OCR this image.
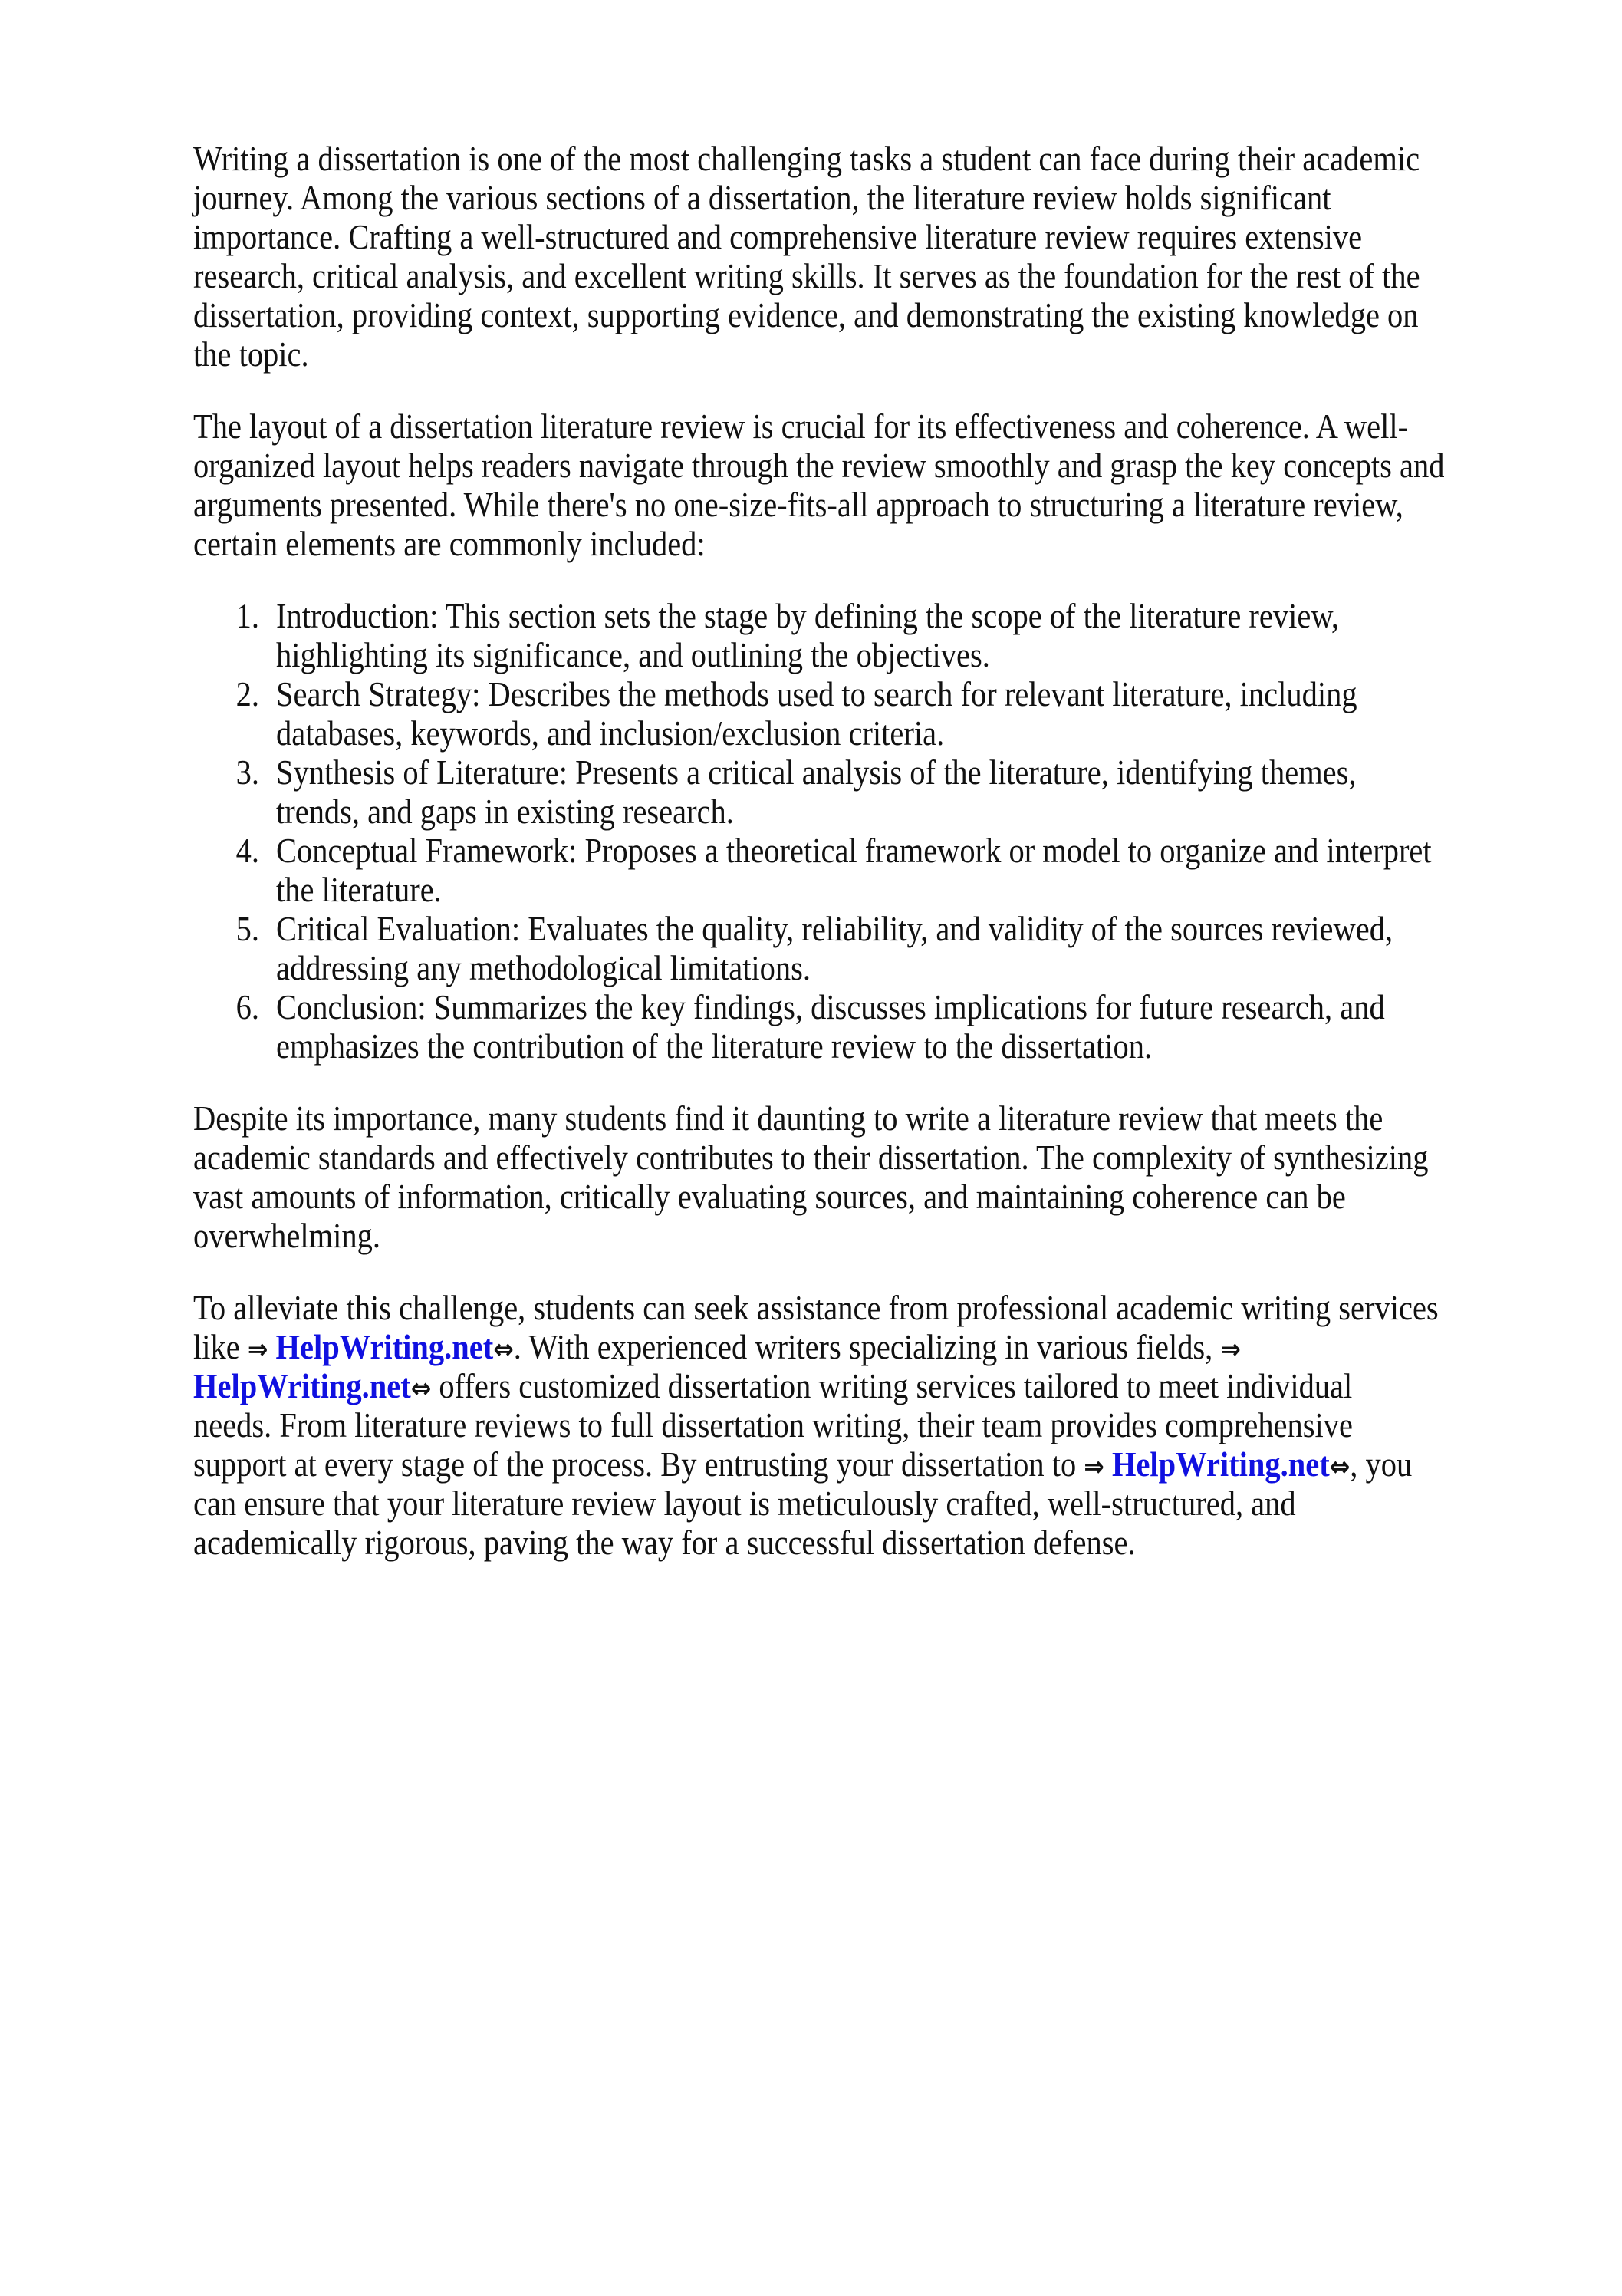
Writing a dissertation is one of the most challenging tasks a student can face during their academic
journey. Among the various sections of a dissertation, the literature review holds significant
importance. Crafting a well-structured and comprehensive literature review requires extensive
research, critical analysis, and excellent writing skills. It serves as the foundation for the rest of the
dissertation, providing context, supporting evidence, and demonstrating the existing knowledge on
the topic.
The layout of a dissertation literature review is crucial for its effectiveness and coherence. A well-
organized layout helps readers navigate through the review smoothly and grasp the key concepts and
arguments presented. While there's no one-size-fits-all approach to structuring a literature review,
certain elements are commonly included:
1. Introduction: This section sets the stage by defining the scope of the literature review,
highlighting its significance, and outlining the objectives.
2. Search Strategy: Describes the methods used to search for relevant literature, including
databases, keywords, and inclusion/exclusion criteria.
3. Synthesis of Literature: Presents a critical analysis of the literature, identifying themes,
trends, and gaps in existing research.
4. Conceptual Framework: Proposes a theoretical framework or model to organize and interpret
the literature.
5. Critical Evaluation: Evaluates the quality, reliability, and validity of the sources reviewed,
addressing any methodological limitations.
6. Conclusion: Summarizes the key findings, discusses implications for future research, and
emphasizes the contribution of the literature review to the dissertation.
Despite its importance, many students find it daunting to write a literature review that meets the
academic standards and effectively contributes to their dissertation. The complexity of synthesizing
vast amounts of information, critically evaluating sources, and maintaining coherence can be
overwhelming.
To alleviate this challenge, students can seek assistance from professional academic writing services
like ⇒ HelpWriting.net⇔. With experienced writers specializing in various fields, ⇒
HelpWriting.net⇔ offers customized dissertation writing services tailored to meet individual
needs. From literature reviews to full dissertation writing, their team provides comprehensive
support at every stage of the process. By entrusting your dissertation to ⇒ HelpWriting.net⇔, you
can ensure that your literature review layout is meticulously crafted, well-structured, and
academically rigorous, paving the way for a successful dissertation defense.
